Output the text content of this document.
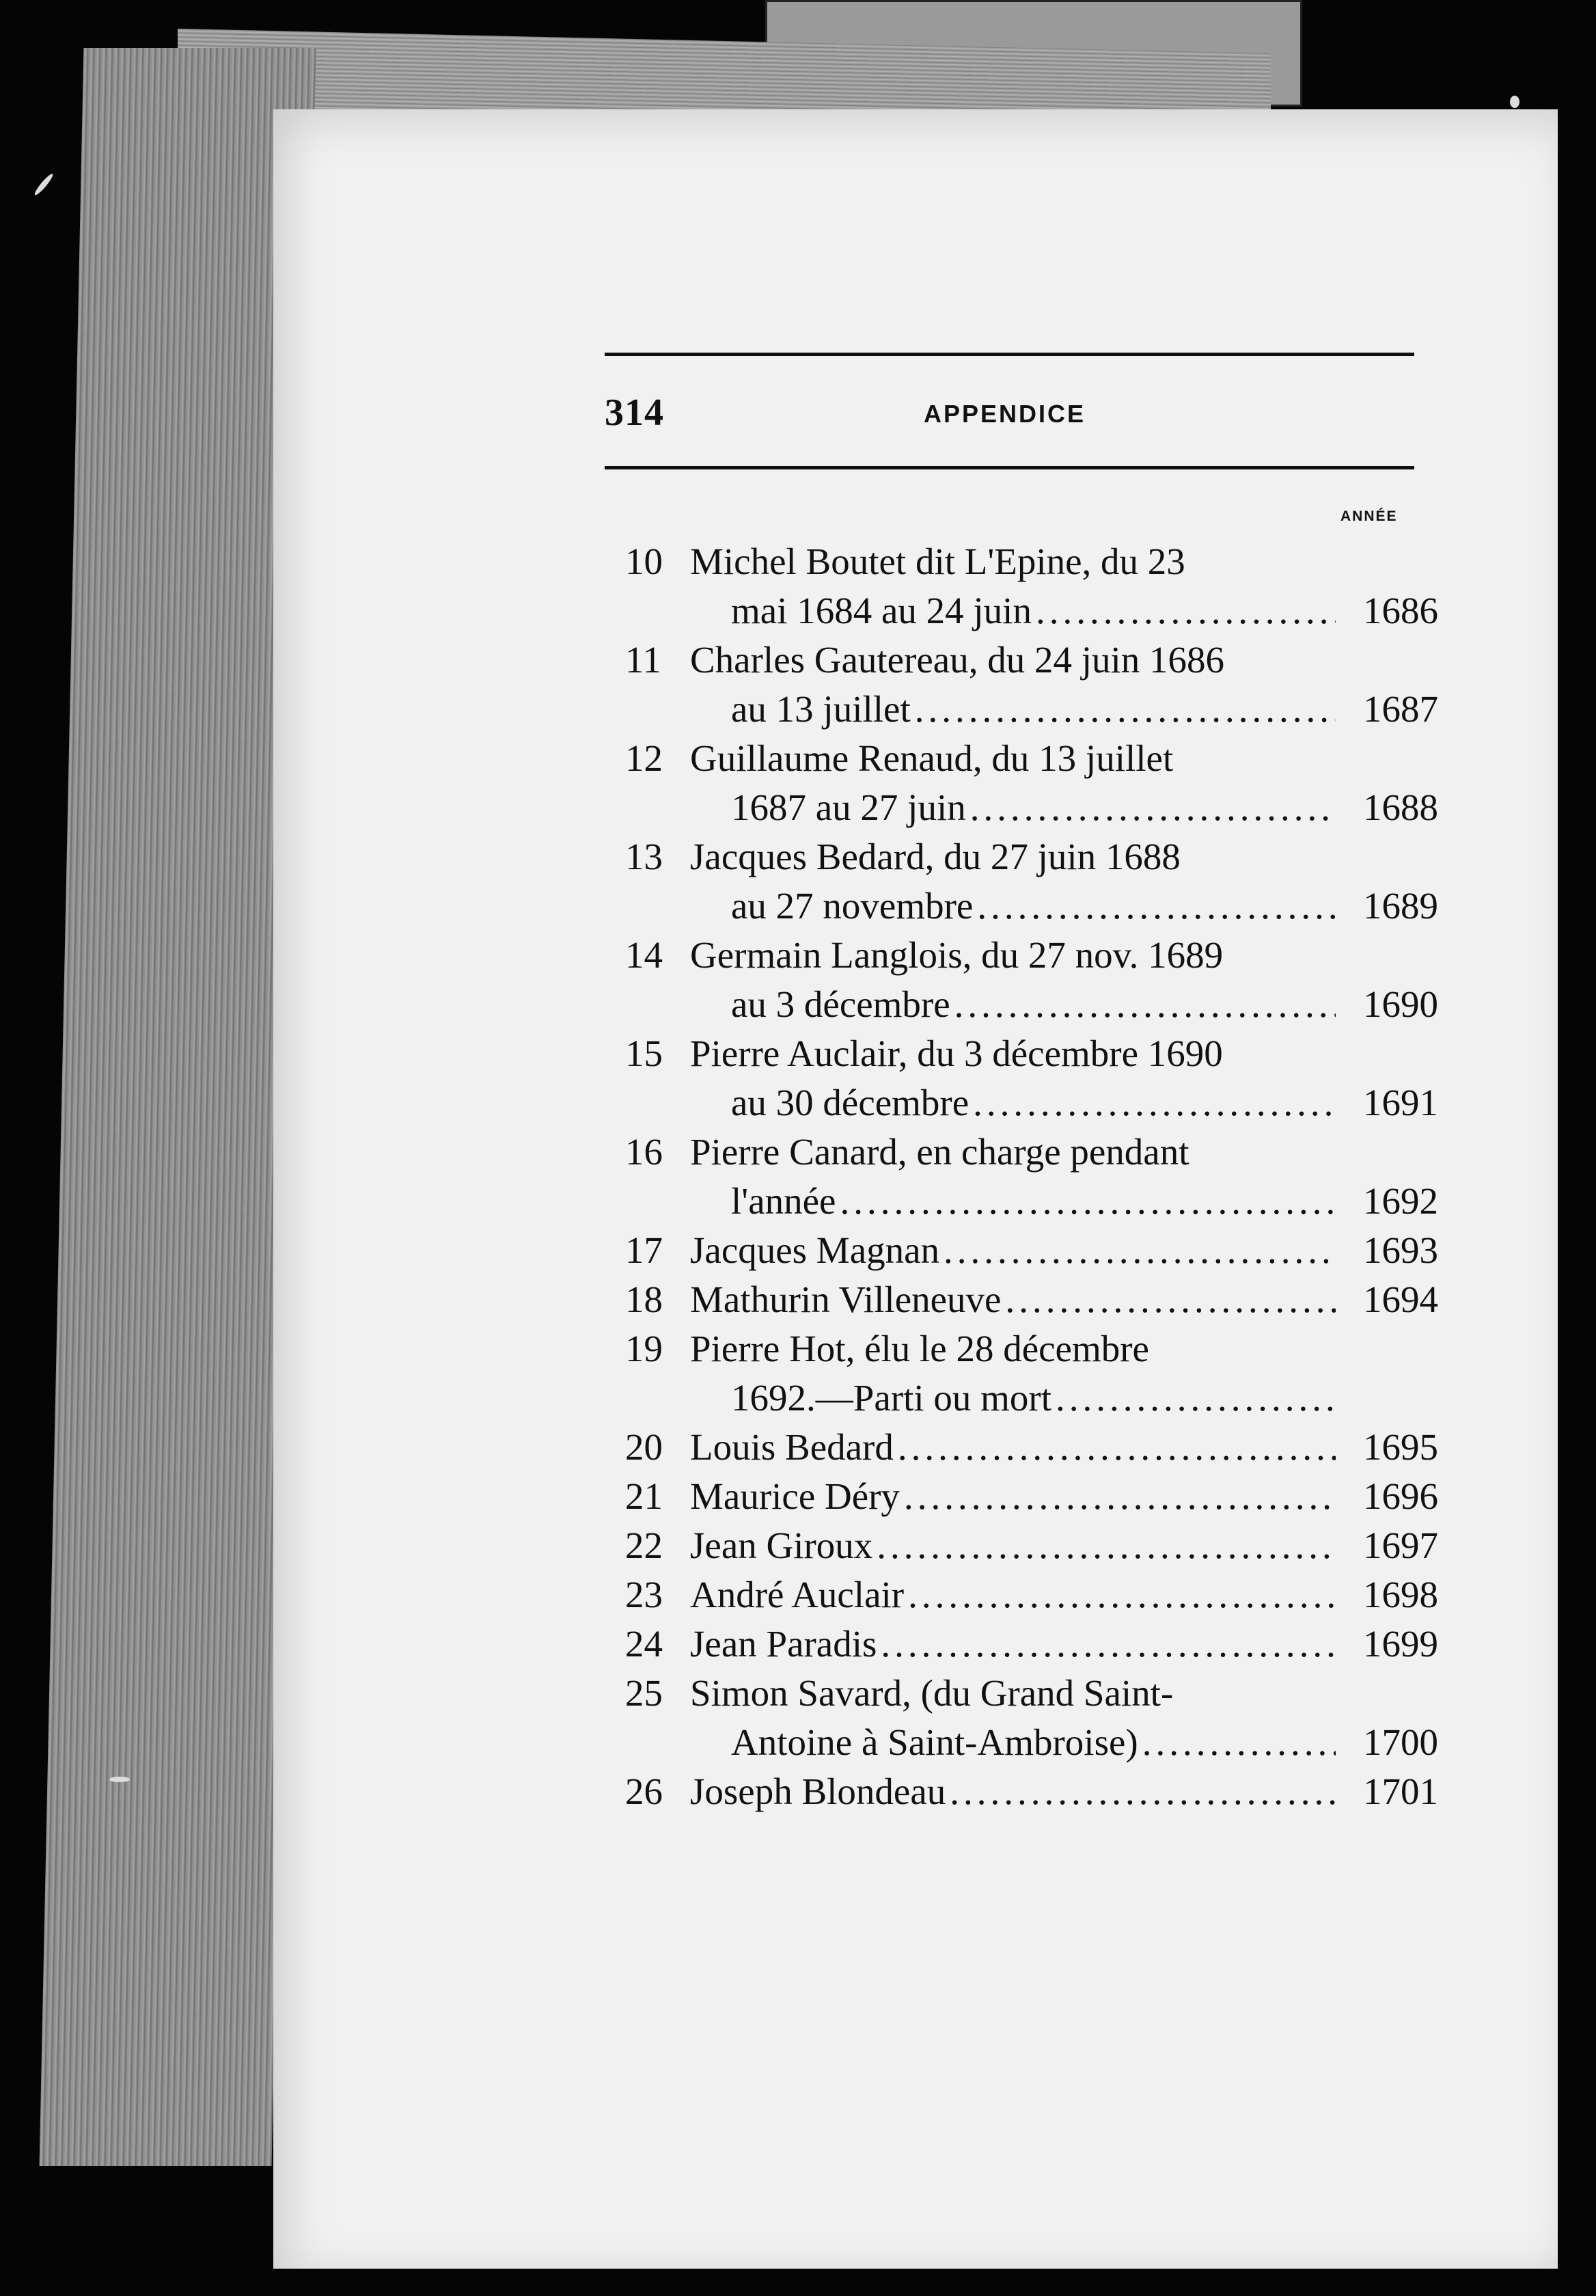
314	APPENDICE
ANNÉE
10 Michel Boutet dit L'Epine, du 23
mai 1684 au 24 juin .....	1686
11 Charles Gautereau, du 24 juin 1686
au 13 juillet .....	1687
12 Guillaume Renaud, du 13 juillet
1687 au 27 juin .....	1688
13 Jacques Bedard, du 27 juin 1688
au 27 novembre .....	1689
14 Germain Langlois, du 27 nov. 1689
au 3 décembre .....	1690
15 Pierre Auclair, du 3 décembre 1690
au 30 décembre .....	1691
16 Pierre Canard, en charge pendant
l'année .....	1692
17 Jacques Magnan .....	1693
18 Mathurin Villeneuve .....	1694
19 Pierre Hot, élu le 28 décembre
1692.—Parti ou mort
.....
20 Louis Bedard .....	1695
21 Maurice Déry .....	1696
22 Jean Giroux .....	1697
23 André Auclair .....	1698
24 Jean Paradis .....	1699
25 Simon Savard, (du Grand Saint-
Antoine à Saint-Ambroise) .....	1700
26 Joseph Blondeau .....	1701
